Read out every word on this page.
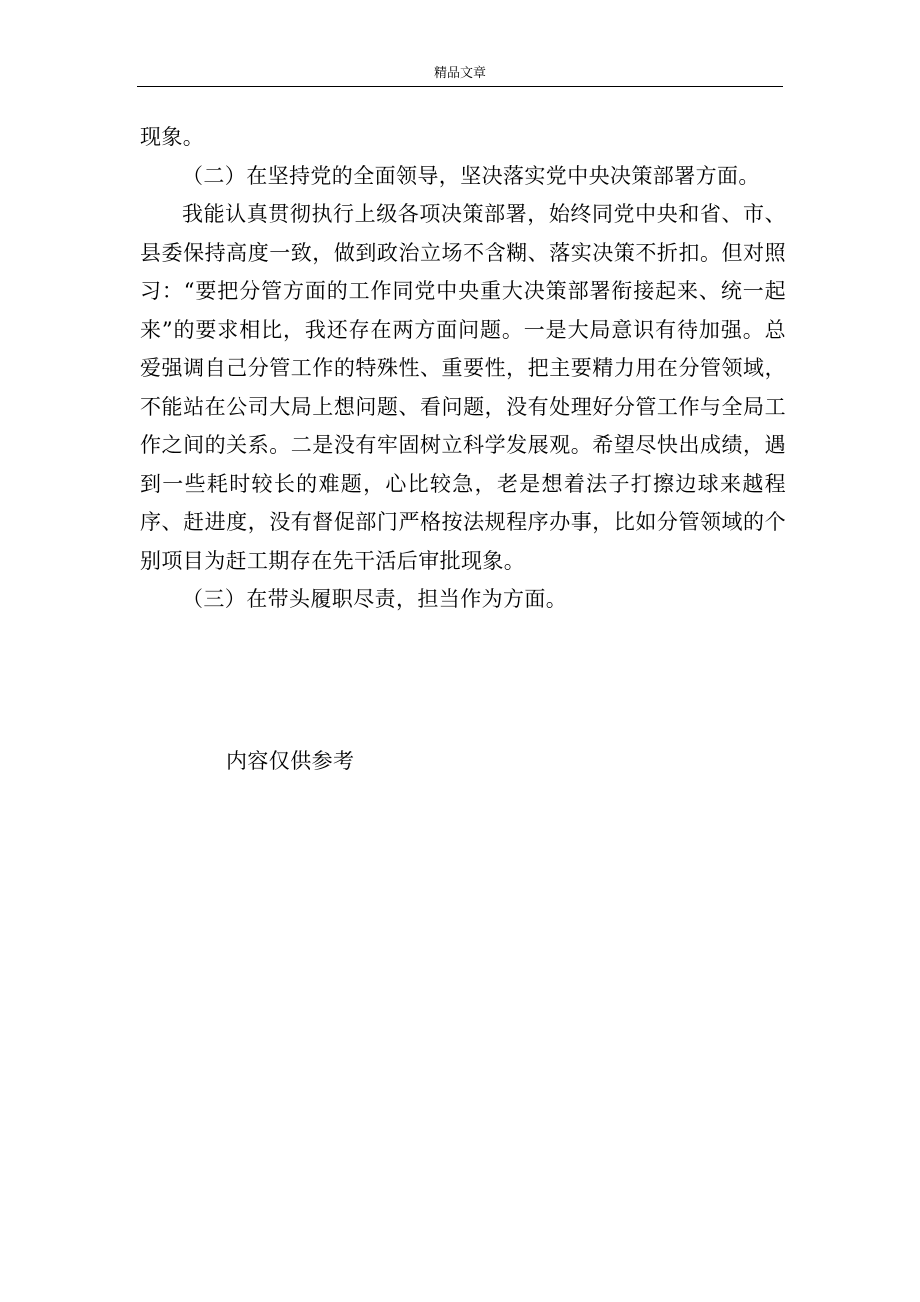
精品文章

现象。

（二）在坚持党的全面领导，坚决落实党中央决策部署方面。

我能认真贯彻执行上级各项决策部署，始终同党中央和省、市、县委保持高度一致，做到政治立场不含糊、落实决策不折扣。但对照习：“要把分管方面的工作同党中央重大决策部署衔接起来、统一起来”的要求相比，我还存在两方面问题。一是大局意识有待加强。总爱强调自己分管工作的特殊性、重要性，把主要精力用在分管领域，不能站在公司大局上想问题、看问题，没有处理好分管工作与全局工作之间的关系。二是没有牢固树立科学发展观。希望尽快出成绩，遇到一些耗时较长的难题，心比较急，老是想着法子打擦边球来越程序、赶进度，没有督促部门严格按法规程序办事，比如分管领域的个别项目为赶工期存在先干活后审批现象。

（三）在带头履职尽责，担当作为方面。

内容仅供参考
